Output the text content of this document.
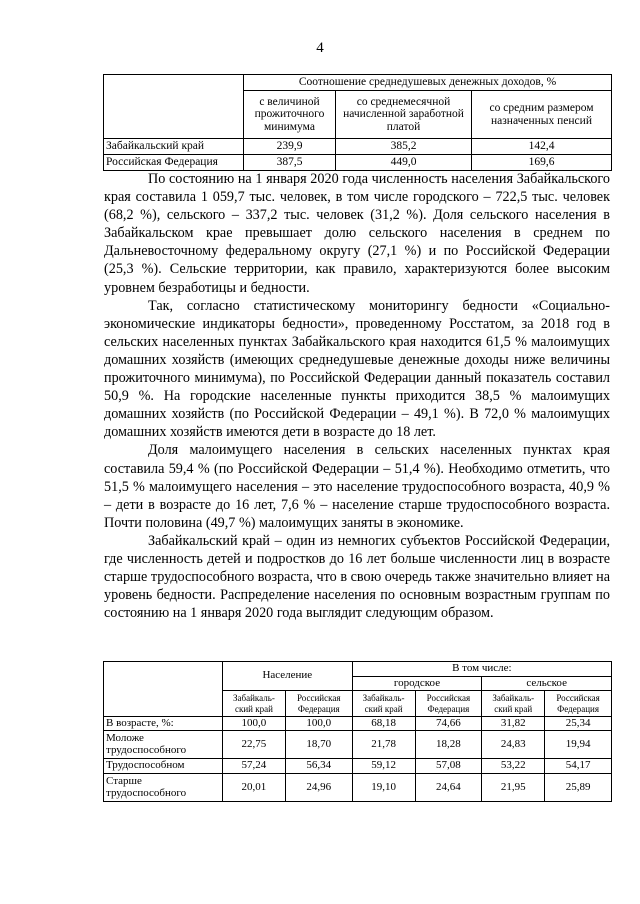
4
	Соотношение среднедушевых денежных доходов, %		
	с величиной прожиточного минимума	со среднемесячной начисленной заработной платой	со средним размером назначенных пенсий
Забайкальский край	239,9	385,2	142,4
Российская Федерация	387,5	449,0	169,6

По состоянию на 1 января 2020 года численность населения Забайкальского края составила 1 059,7 тыс. человек, в том числе городского – 722,5 тыс. человек (68,2 %), сельского – 337,2 тыс. человек (31,2 %). Доля сельского населения в Забайкальском крае превышает долю сельского населения в среднем по Дальневосточному федеральному округу (27,1 %) и по Российской Федерации (25,3 %). Сельские территории, как правило, характеризуются более высоким уровнем безработицы и бедности.

Так, согласно статистическому мониторингу бедности «Социально-экономические индикаторы бедности», проведенному Росстатом, за 2018 год в сельских населенных пунктах Забайкальского края находится 61,5 % малоимущих домашних хозяйств (имеющих среднедушевые денежные доходы ниже величины прожиточного минимума), по Российской Федерации данный показатель составил 50,9 %. На городские населенные пункты приходится 38,5 % малоимущих домашних хозяйств (по Российской Федерации – 49,1 %). В 72,0 % малоимущих домашних хозяйств имеются дети в возрасте до 18 лет.

Доля малоимущего населения в сельских населенных пунктах края составила 59,4 % (по Российской Федерации – 51,4 %). Необходимо отметить, что 51,5 % малоимущего населения – это население трудоспособного возраста, 40,9 % – дети в возрасте до 16 лет, 7,6 % – население старше трудоспособного возраста. Почти половина (49,7 %) малоимущих заняты в экономике.

Забайкальский край – один из немногих субъектов Российской Федерации, где численность детей и подростков до 16 лет больше численности лиц в возрасте старше трудоспособного возраста, что в свою очередь также значительно влияет на уровень бедности. Распределение населения по основным возрастным группам по состоянию на 1 января 2020 года выглядит следующим образом.

	Население		В том числе:			
			городское		сельское	
	Забайкаль-ский край	Российская Федерация	Забайкаль-ский край	Российская Федерация	Забайкаль-ский край	Российская Федерация
В возрасте, %:	100,0	100,0	68,18	74,66	31,82	25,34
Моложе трудоспособного	22,75	18,70	21,78	18,28	24,83	19,94
Трудоспособном	57,24	56,34	59,12	57,08	53,22	54,17
Старше трудоспособного	20,01	24,96	19,10	24,64	21,95	25,89
